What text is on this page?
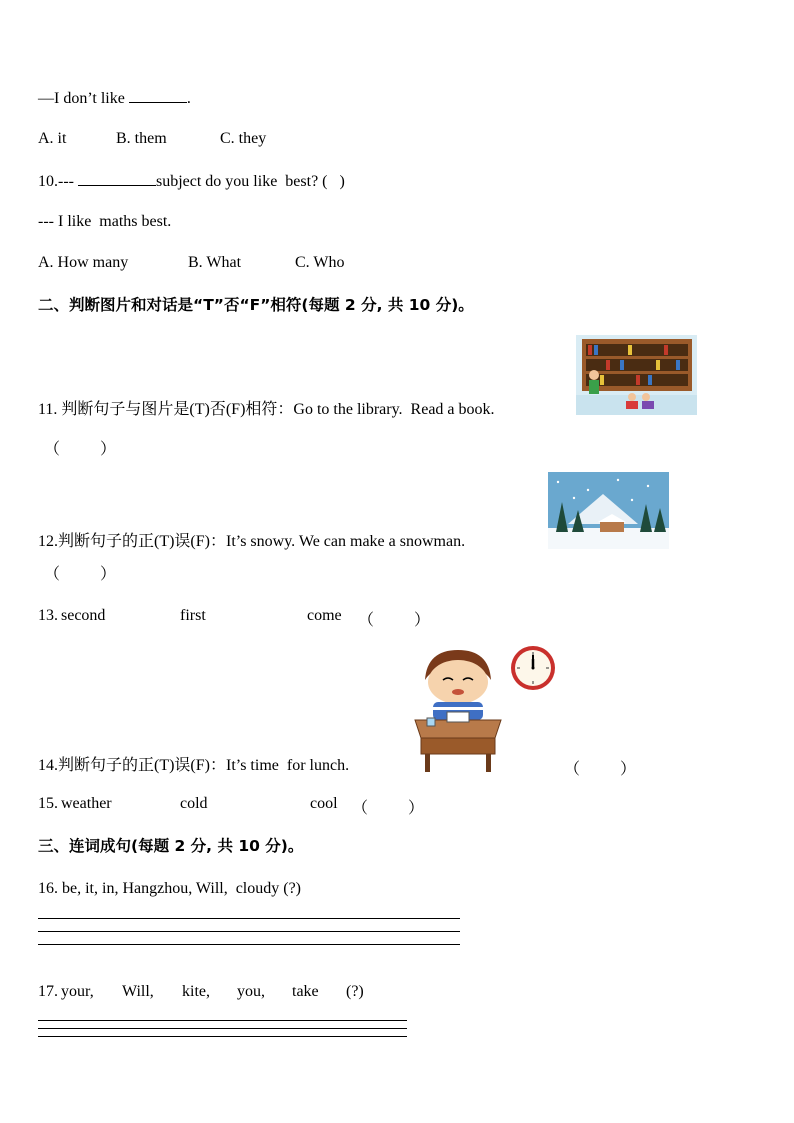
—I don’t like	.
A. it	B. them	C. they
10.---	subject do you like  best? (   )
--- I like  maths best.
A. How many	B. What	C. Who
二、判断图片和对话是“T”否“F”相符(每题 2 分, 共 10 分)。
11. 判断句子与图片是(T)否(F)相符：Go to the library.  Read a book.
（          ）
12.判断句子的正(T)误(F)：It’s snowy. We can make a snowman.
（          ）
13. second	first	come （          ）
14.判断句子的正(T)误(F)：It’s time  for lunch.	（          ）
15. weather	cold	cool （          ）
三、连词成句(每题 2 分, 共 10 分)。
16. be, it, in, Hangzhou, Will,  cloudy (?)
17. your, Will, kite, you, take (?)
